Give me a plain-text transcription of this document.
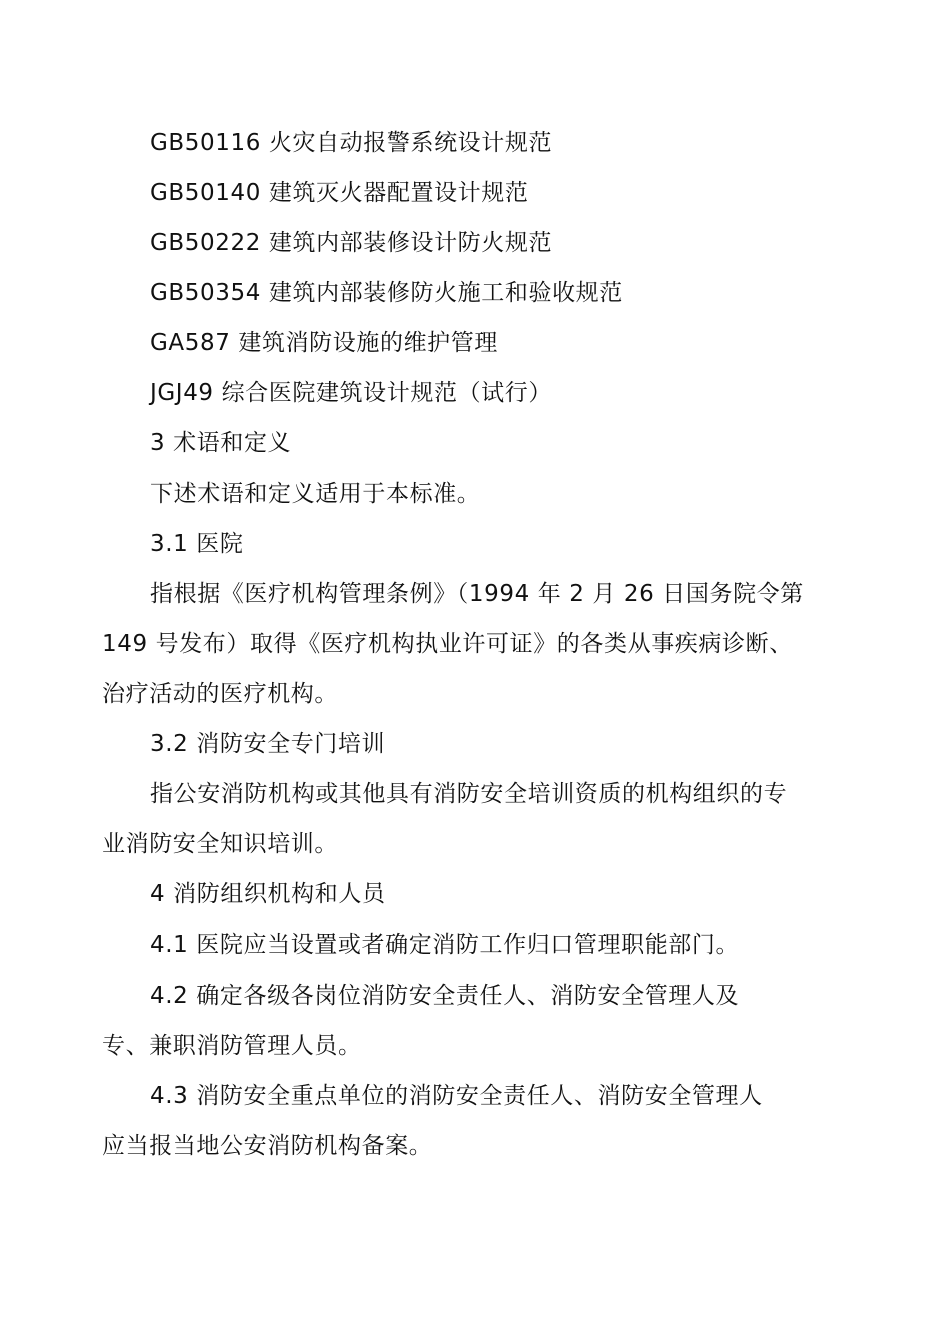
GB50116 火灾自动报警系统设计规范
GB50140 建筑灭火器配置设计规范
GB50222 建筑内部装修设计防火规范
GB50354 建筑内部装修防火施工和验收规范
GA587 建筑消防设施的维护管理
JGJ49 综合医院建筑设计规范（试行）
3 术语和定义
下述术语和定义适用于本标准。
3.1 医院
指根据《医疗机构管理条例》（1994 年 2 月 26 日国务院令第
149 号发布）取得《医疗机构执业许可证》的各类从事疾病诊断、
治疗活动的医疗机构。
3.2 消防安全专门培训
指公安消防机构或其他具有消防安全培训资质的机构组织的专
业消防安全知识培训。
4 消防组织机构和人员
4.1 医院应当设置或者确定消防工作归口管理职能部门。
4.2 确定各级各岗位消防安全责任人、消防安全管理人及
专、兼职消防管理人员。
4.3 消防安全重点单位的消防安全责任人、消防安全管理人
应当报当地公安消防机构备案。
